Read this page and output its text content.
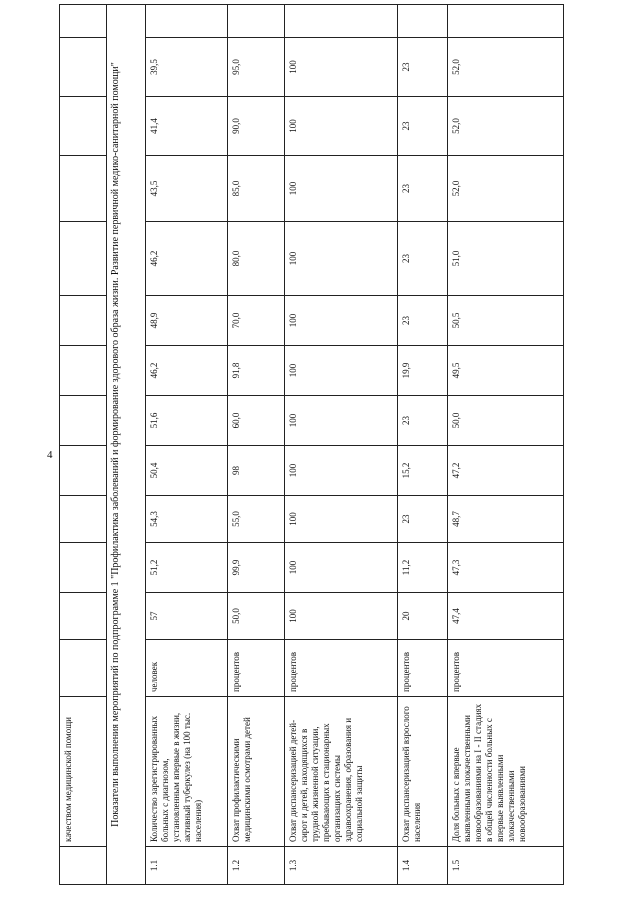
4
	качеством медицинской помощи													
Показатели выполнения мероприятий по подпрограмме 1 "Профилактика заболеваний и формирование здорового образа жизни. Развитие первичной медико-санитарной помощи"														
1.1	Количество зарегистрированных больных с диагнозом, установленным впервые в жизни, активный туберкулез (на 100 тыс. населения)	человек	57	51,2	54,3	50,4	51,6	46,2	48,9	46,2	43,5	41,4	39,5	
1.2	Охват профилактическими медицинскими осмотрами детей	процентов	50,0	99,9	55,0	98	60,0	91,8	70,0	80,0	85,0	90,0	95,0	
1.3	Охват диспансеризацией детей-сирот и детей, находящихся в трудной жизненной ситуации, пребывающих в стационарных организациях системы здравоохранения, образования и социальной защиты	процентов	100	100	100	100	100	100	100	100	100	100	100	
1.4	Охват диспансеризацией взрослого населения	процентов	20	11,2	23	15,2	23	19,9	23	23	23	23	23	
1.5	Доля больных с впервые выявленными злокачественными новообразованиями на I - II стадиях в общей численности больных с впервые выявленными злокачественными новообразованиями	процентов	47,4	47,3	48,7	47,2	50,0	49,5	50,5	51,0	52,0	52,0	52,0	
